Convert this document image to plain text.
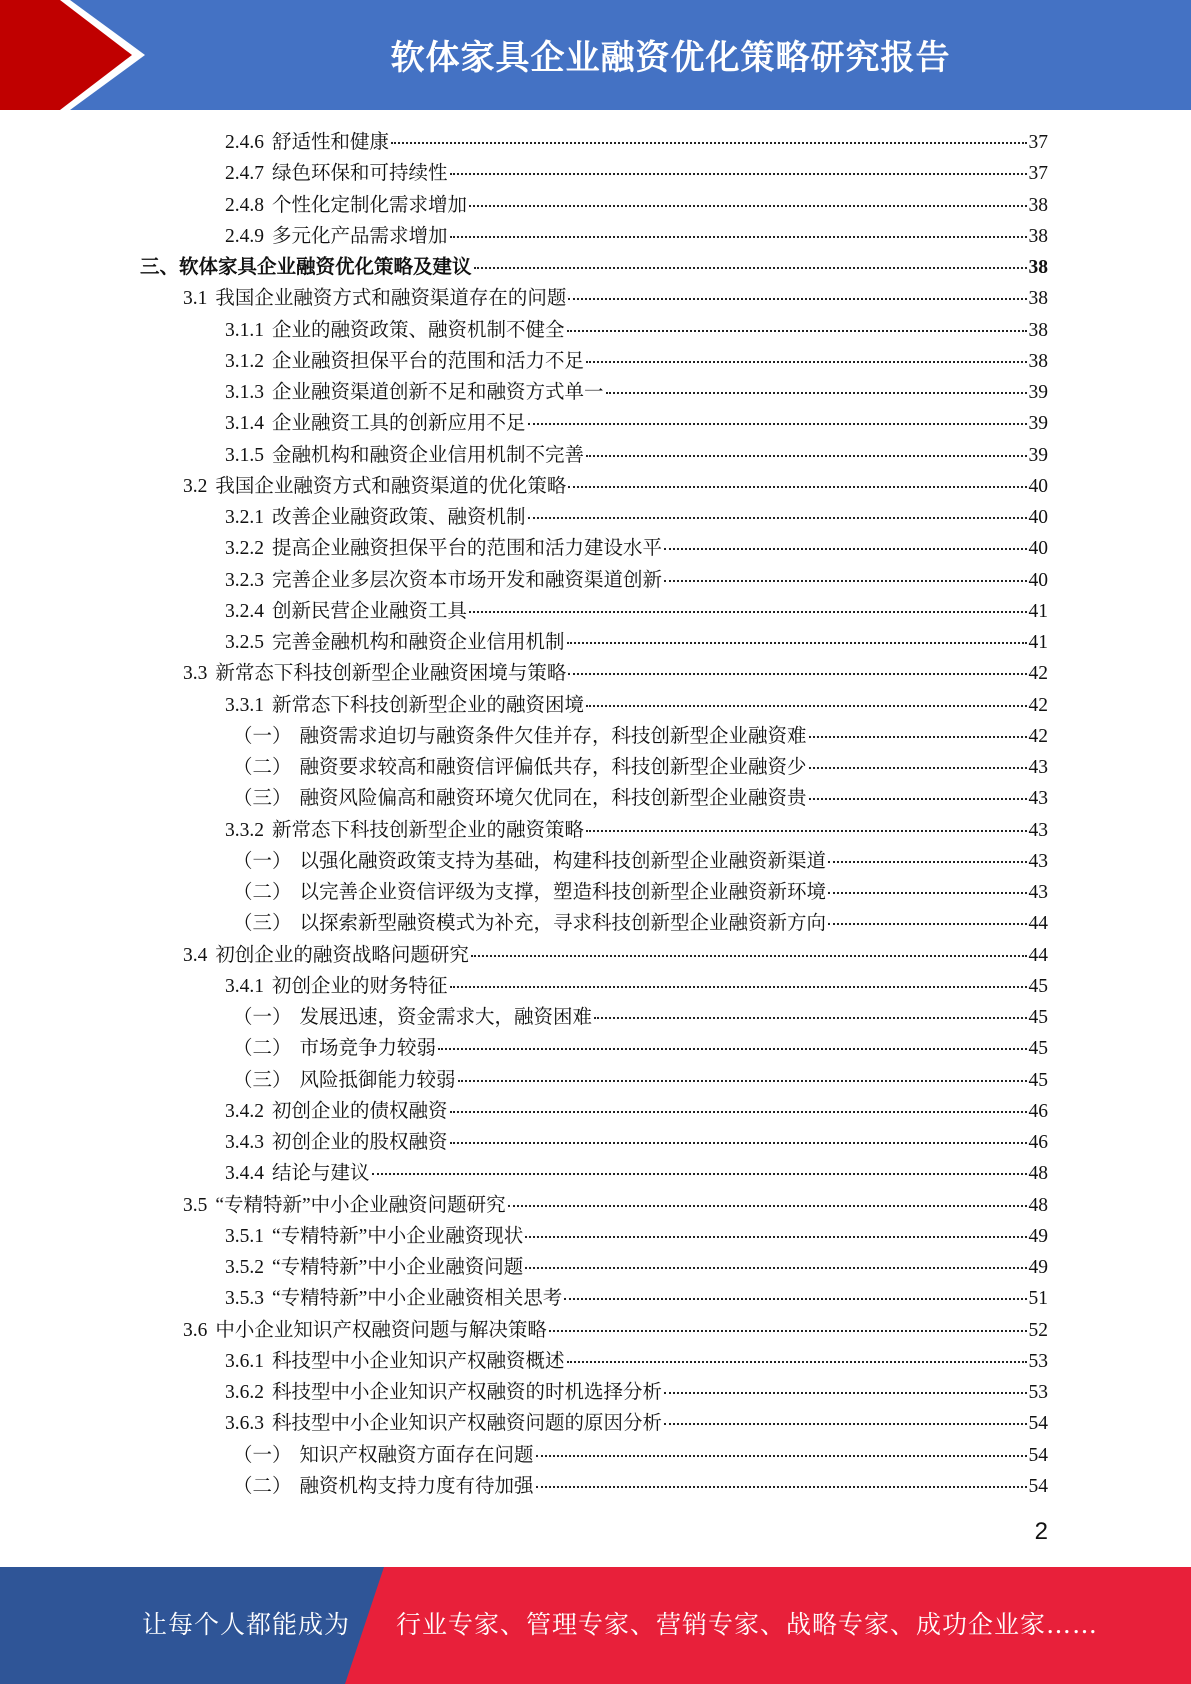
软体家具企业融资优化策略研究报告
2.4.6 舒适性和健康	37
2.4.7 绿色环保和可持续性	37
2.4.8 个性化定制化需求增加	38
2.4.9 多元化产品需求增加	38
三、 软体家具企业融资优化策略及建议	38
3.1 我国企业融资方式和融资渠道存在的问题	38
3.1.1 企业的融资政策、融资机制不健全	38
3.1.2 企业融资担保平台的范围和活力不足	38
3.1.3 企业融资渠道创新不足和融资方式单一	39
3.1.4 企业融资工具的创新应用不足	39
3.1.5 金融机构和融资企业信用机制不完善	39
3.2 我国企业融资方式和融资渠道的优化策略	40
3.2.1 改善企业融资政策、融资机制	40
3.2.2 提高企业融资担保平台的范围和活力建设水平	40
3.2.3 完善企业多层次资本市场开发和融资渠道创新	40
3.2.4 创新民营企业融资工具	41
3.2.5 完善金融机构和融资企业信用机制	41
3.3 新常态下科技创新型企业融资困境与策略	42
3.3.1 新常态下科技创新型企业的融资困境	42
（一） 融资需求迫切与融资条件欠佳并存，科技创新型企业融资难	42
（二） 融资要求较高和融资信评偏低共存，科技创新型企业融资少	43
（三） 融资风险偏高和融资环境欠优同在，科技创新型企业融资贵	43
3.3.2 新常态下科技创新型企业的融资策略	43
（一） 以强化融资政策支持为基础，构建科技创新型企业融资新渠道	43
（二） 以完善企业资信评级为支撑，塑造科技创新型企业融资新环境	43
（三） 以探索新型融资模式为补充，寻求科技创新型企业融资新方向	44
3.4 初创企业的融资战略问题研究	44
3.4.1 初创企业的财务特征	45
（一） 发展迅速，资金需求大，融资困难	45
（二） 市场竞争力较弱	45
（三） 风险抵御能力较弱	45
3.4.2 初创企业的债权融资	46
3.4.3 初创企业的股权融资	46
3.4.4 结论与建议	48
3.5 “专精特新”中小企业融资问题研究	48
3.5.1 “专精特新”中小企业融资现状	49
3.5.2 “专精特新”中小企业融资问题	49
3.5.3 “专精特新”中小企业融资相关思考	51
3.6 中小企业知识产权融资问题与解决策略	52
3.6.1 科技型中小企业知识产权融资概述	53
3.6.2 科技型中小企业知识产权融资的时机选择分析	53
3.6.3 科技型中小企业知识产权融资问题的原因分析	54
（一） 知识产权融资方面存在问题	54
（二） 融资机构支持力度有待加强	54
2
让每个人都能成为 行业专家、管理专家、营销专家、战略专家、成功企业家……
